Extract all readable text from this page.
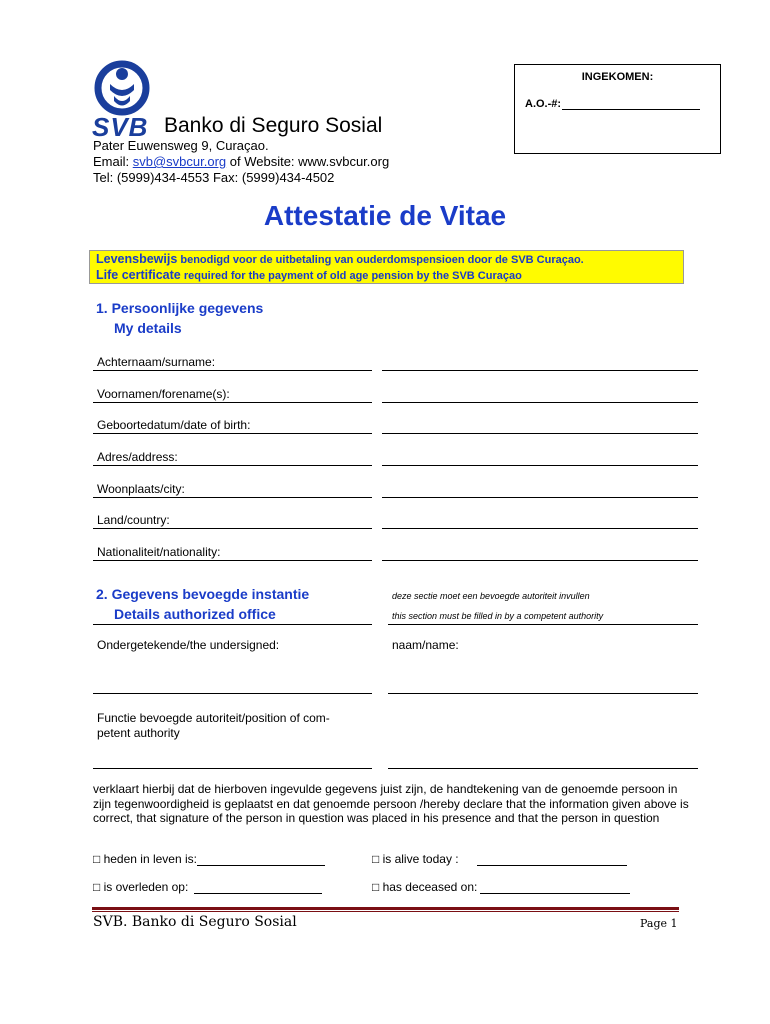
SVB Banko di Seguro Sosial
Pater Euwensweg 9, Curaçao.
Email: svb@svbcur.org of Website: www.svbcur.org
Tel: (5999)434-4553 Fax: (5999)434-4502
INGEKOMEN:
A.O.-#:
Attestatie de Vitae
Levensbewijs benodigd voor de uitbetaling van ouderdomspensioen door de SVB Curaçao.
Life certificate required for the payment of old age pension by the SVB Curaçao
1. Persoonlijke gegevens
My details
Achternaam/surname:
Voornamen/forename(s):
Geboortedatum/date of birth:
Adres/address:
Woonplaats/city:
Land/country:
Nationaliteit/nationality:
2. Gegevens bevoegde instantie
Details authorized office
deze sectie moet een bevoegde autoriteit invullen
this section must be filled in by a competent authority
Ondergetekende/the undersigned:	naam/name:
Functie bevoegde autoriteit/position of com-
petent authority
verklaart hierbij dat de hierboven ingevulde gegevens juist zijn, de handtekening van de genoemde persoon in zijn tegenwoordigheid is geplaatst en dat genoemde persoon /hereby declare that the information given above is correct, that signature of the person in question was placed in his presence and that the person in question
□ heden in leven is:	□ is alive today :
□ is overleden op:	□ has deceased on:
SVB. Banko di Seguro Sosial	Page 1
